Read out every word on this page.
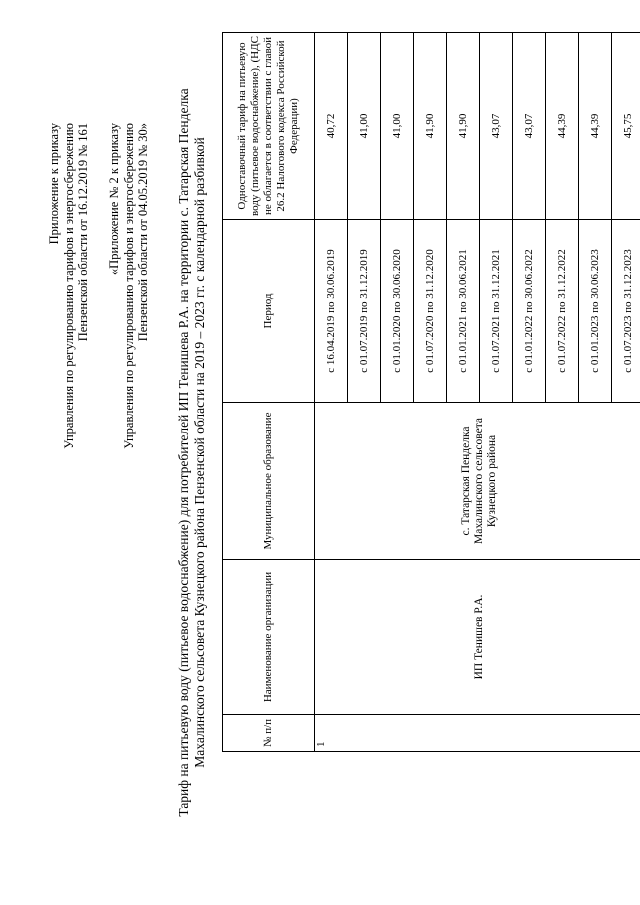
Приложение к приказу Управления по регулированию тарифов и энергосбережению Пензенской области от 16.12.2019 № 161 «Приложение № 2 к приказу Управления по регулированию тарифов и энергосбережению Пензенской области от 04.05.2019 № 30» Тариф на питьевую воду (питьевое водоснабжение) для потребителей ИП Тенишева Р.А. на территории с. Татарская Пенделка Махалинского сельсовета Кузнецкого района Пензенской области на 2019 – 2023 гг. с календарной разбивкой	№ п/п	Наименование организации	Муниципальное образование	Период	Одноставочный тариф на питьевую воду (питьевое водоснабжение), (НДС не облагается в соответствии с главой 26.2 Налогового кодекса Российской Федерации)
1	ИП Тенишев Р.А.	с. Татарская Пенделка Махалинского сельсовета Кузнецкого района	с 16.04.2019 по 30.06.2019	40,72
			с 01.07.2019 по 31.12.2019	41,00
			с 01.01.2020 по 30.06.2020	41,00
			с 01.07.2020 по 31.12.2020	41,90
			с 01.01.2021 по 30.06.2021	41,90
			с 01.07.2021 по 31.12.2021	43,07
			с 01.01.2022 по 30.06.2022	43,07
			с 01.07.2022 по 31.12.2022	44,39
			с 01.01.2023 по 30.06.2023	44,39
			с 01.07.2023 по 31.12.2023	45,75
